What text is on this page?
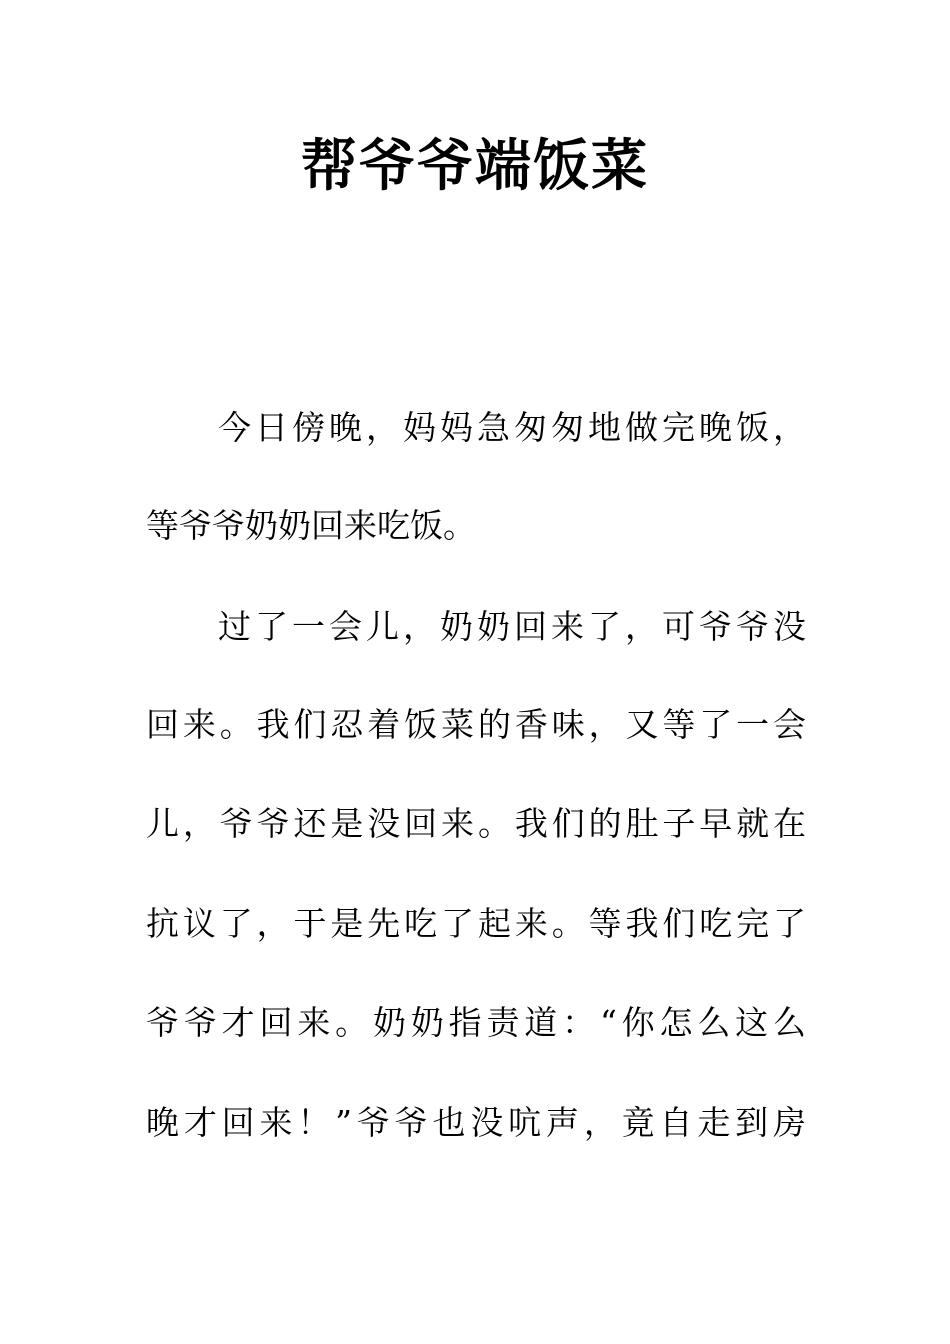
帮爷爷端饭菜

今日傍晚，妈妈急匆匆地做完晚饭，

等爷爷奶奶回来吃饭。

过了一会儿，奶奶回来了，可爷爷没

回来。我们忍着饭菜的香味，又等了一会

儿，爷爷还是没回来。我们的肚子早就在

抗议了，于是先吃了起来。等我们吃完了

爷爷才回来。奶奶指责道：“你怎么这么

晚才回来！”爷爷也没吭声，竟自走到房
